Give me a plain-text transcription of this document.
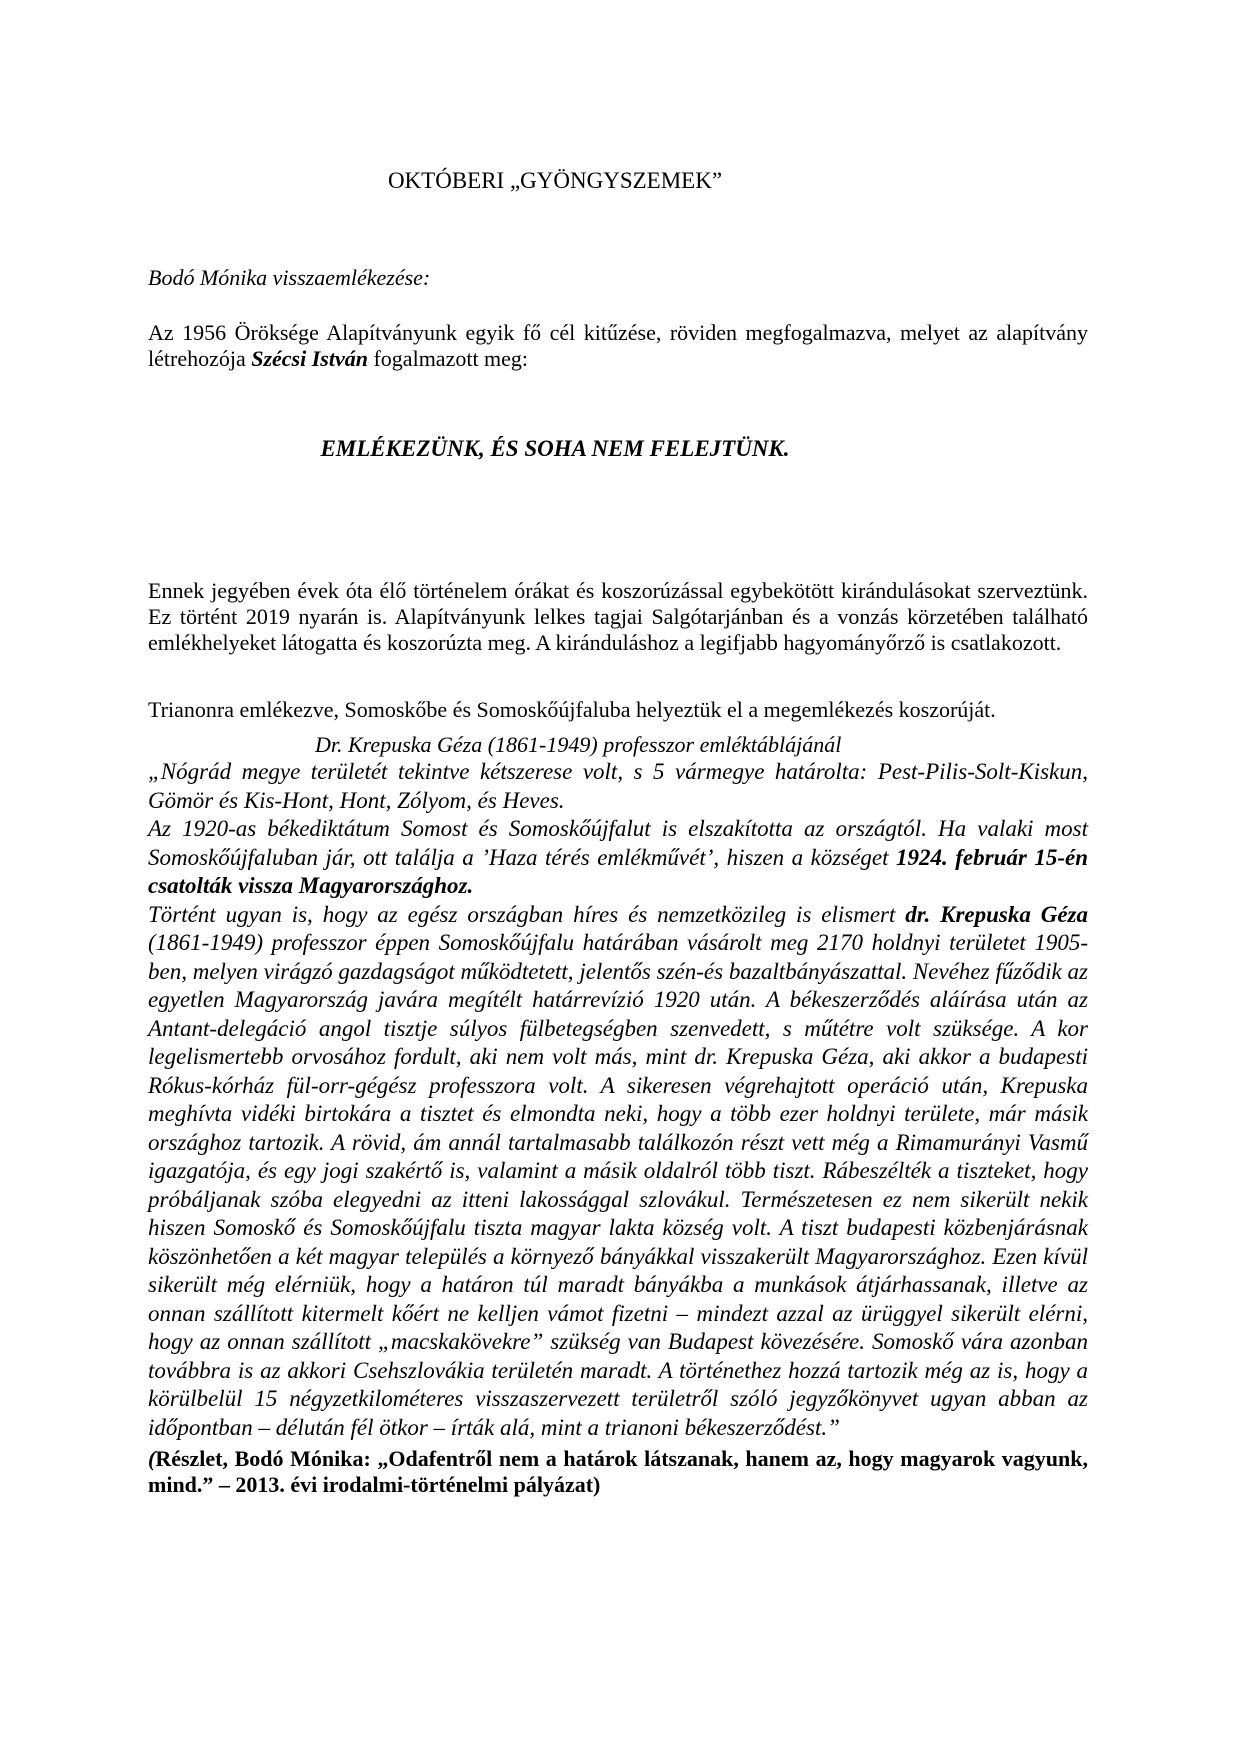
OKTÓBERI „GYÖNGYSZEMEK”

Bodó Mónika visszaemlékezése:

Az 1956 Öröksége Alapítványunk egyik fő cél kitűzése, röviden megfogalmazva, melyet az alapítvány létrehozója Szécsi István fogalmazott meg:

EMLÉKEZÜNK, ÉS SOHA NEM FELEJTÜNK.

Ennek jegyében évek óta élő történelem órákat és koszorúzással egybekötött kirándulásokat szerveztünk. Ez történt 2019 nyarán is. Alapítványunk lelkes tagjai Salgótarjánban és a vonzás körzetében található emlékhelyeket látogatta és koszorúzta meg. A kiránduláshoz a legifjabb hagyományőrző is csatlakozott.

Trianonra emlékezve, Somoskőbe és Somoskőújfaluba helyeztük el a megemlékezés koszorúját.

Dr. Krepuska Géza (1861-1949) professzor emléktáblájánál

„Nógrád megye területét tekintve kétszerese volt, s 5 vármegye határolta: Pest-Pilis-Solt-Kiskun, Gömör és Kis-Hont, Hont, Zólyom, és Heves.

Az 1920-as békediktátum Somost és Somoskőújfalut is elszakította az országtól. Ha valaki most Somoskőújfaluban jár, ott találja a ’Haza térés emlékművét’, hiszen a községet 1924. február 15-én csatolták vissza Magyarországhoz.

Történt ugyan is, hogy az egész országban híres és nemzetközileg is elismert dr. Krepuska Géza (1861-1949) professzor éppen Somoskőújfalu határában vásárolt meg 2170 holdnyi területet 1905-ben, melyen virágzó gazdagságot működtetett, jelentős szén-és bazaltbányászattal. Nevéhez fűződik az egyetlen Magyarország javára megítélt határrevízió 1920 után. A békeszerződés aláírása után az Antant-delegáció angol tisztje súlyos fülbetegségben szenvedett, s műtétre volt szüksége. A kor legelismertebb orvosához fordult, aki nem volt más, mint dr. Krepuska Géza, aki akkor a budapesti Rókus-kórház fül-orr-gégész professzora volt. A sikeresen végrehajtott operáció után, Krepuska meghívta vidéki birtokára a tisztet és elmondta neki, hogy a több ezer holdnyi területe, már másik országhoz tartozik. A rövid, ám annál tartalmasabb találkozón részt vett még a Rimamurányi Vasmű igazgatója, és egy jogi szakértő is, valamint a másik oldalról több tiszt. Rábeszélték a tiszteket, hogy próbáljanak szóba elegyedni az itteni lakossággal szlovákul. Természetesen ez nem sikerült nekik hiszen Somoskő és Somoskőújfalu tiszta magyar lakta község volt. A tiszt budapesti közbenjárásnak köszönhetően a két magyar település a környező bányákkal visszakerült Magyarországhoz. Ezen kívül sikerült még elérniük, hogy a határon túl maradt bányákba a munkások átjárhassanak, illetve az onnan szállított kitermelt kőért ne kelljen vámot fizetni – mindezt azzal az ürüggyel sikerült elérni, hogy az onnan szállított „macskakövekre” szükség van Budapest kövezésére. Somoskő vára azonban továbbra is az akkori Csehszlovákia területén maradt. A történethez hozzá tartozik még az is, hogy a körülbelül 15 négyzetkilométeres visszaszervezett területről szóló jegyzőkönyvet ugyan abban az időpontban – délután fél ötkor – írták alá, mint a trianoni békeszerződést.”

(Részlet, Bodó Mónika: „Odafentről nem a határok látszanak, hanem az, hogy magyarok vagyunk, mind.” – 2013. évi irodalmi-történelmi pályázat)
